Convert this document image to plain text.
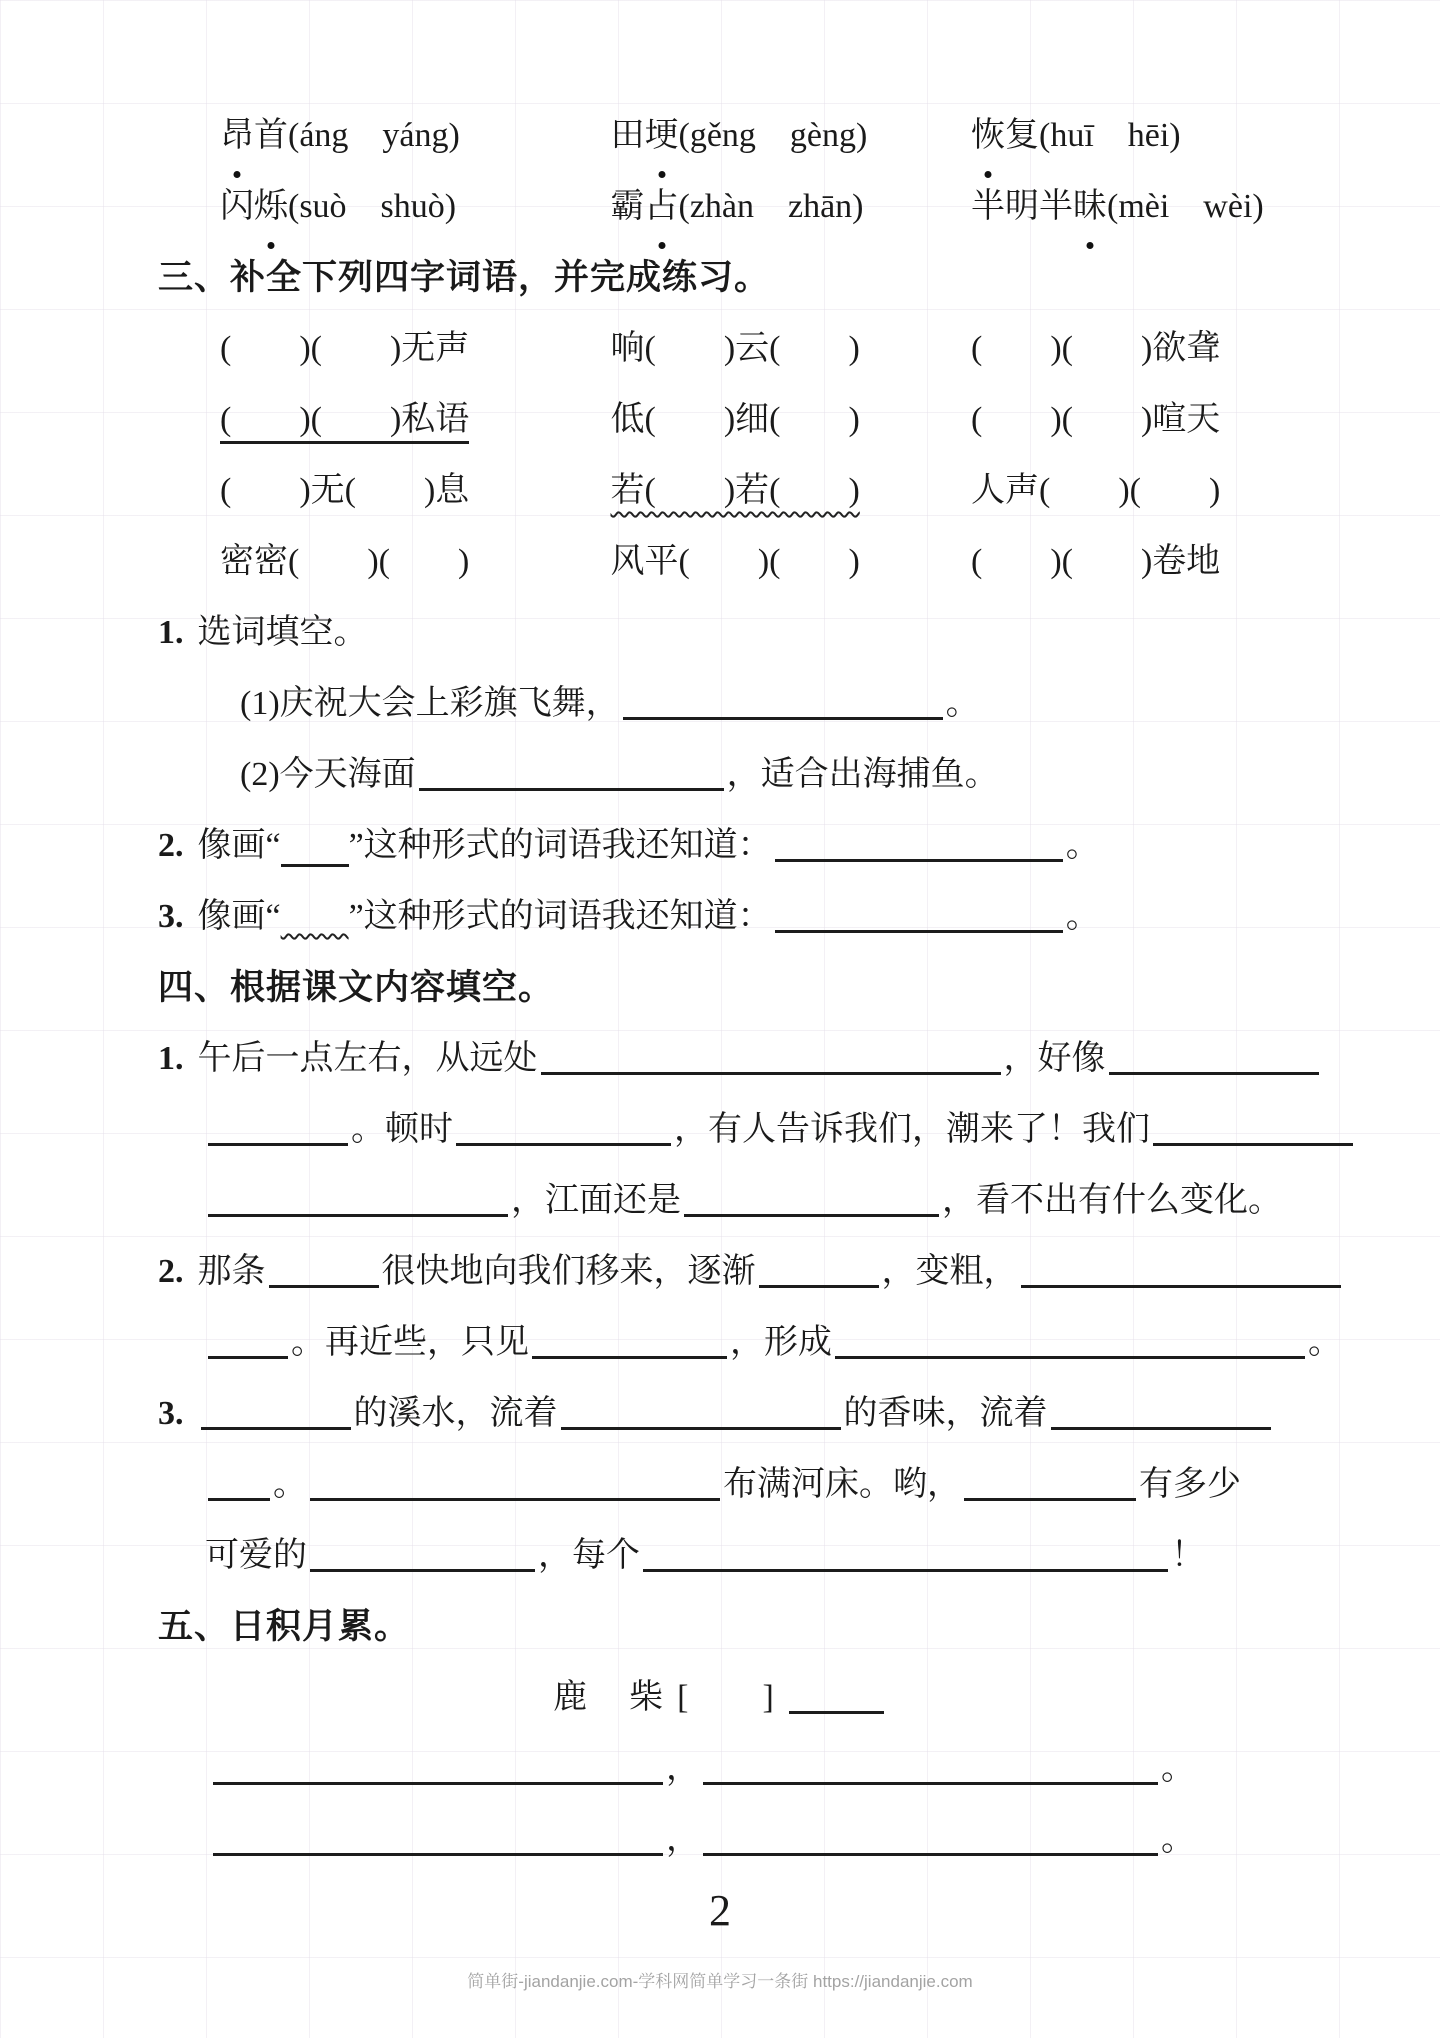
昂首(áng　yáng)	田埂(gěng　gèng)	恢复(huī　hēi)
闪烁(suò　shuò)	霸占(zhàn　zhān)	半明半昧(mèi　wèi)
三、补全下列四字词语，并完成练习。
(　　)(　　)无声	响(　　)云(　　)	(　　)(　　)欲聋
(　　)(　　)私语	低(　　)细(　　)	(　　)(　　)喧天
(　　)无(　　)息	若(　　)若(　　)	人声(　　)(　　)
密密(　　)(　　)	风平(　　)(　　)	(　　)(　　)卷地
1. 选词填空。
(1)庆祝大会上彩旗飞舞，	。
(2)今天海面	，适合出海捕鱼。
2. 像画“　　 ”这种形式的词语我还知道：	。
3. 像画“　　 ”这种形式的词语我还知道：	。
四、根据课文内容填空。
1. 午后一点左右，从远处	，好像
。顿时	，有人告诉我们，潮来了！我们
，江面还是	，看不出有什么变化。
2. 那条	很快地向我们移来，逐渐	，变粗，
。再近些，只见	，形成	。
3.	的溪水，流着	的香味，流着
。	布满河床。哟，	有多少
可爱的	，每个	！
五、日积月累。
鹿　柴 [　　]
，	。
，	。
2
简单街-jiandanjie.com-学科网简单学习一条街 https://jiandanjie.com
